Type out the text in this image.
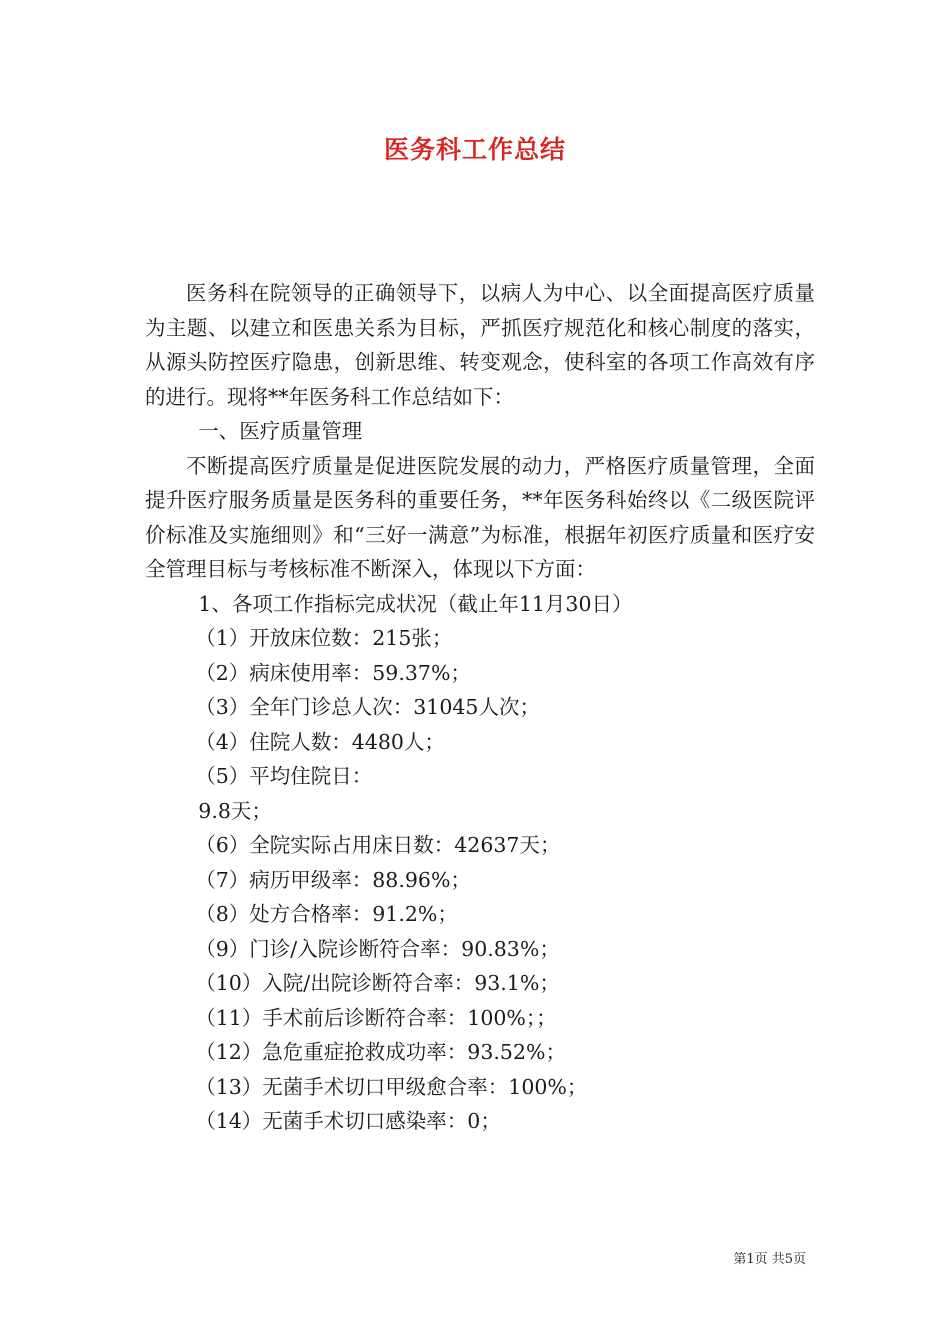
医务科工作总结

医务科在院领导的正确领导下，以病人为中心、以全面提高医疗质量为主题、以建立和医患关系为目标，严抓医疗规范化和核心制度的落实，从源头防控医疗隐患，创新思维、转变观念，使科室的各项工作高效有序的进行。现将**年医务科工作总结如下：

一、医疗质量管理

不断提高医疗质量是促进医院发展的动力，严格医疗质量管理，全面提升医疗服务质量是医务科的重要任务，**年医务科始终以《二级医院评价标准及实施细则》和“三好一满意”为标准，根据年初医疗质量和医疗安全管理目标与考核标准不断深入，体现以下方面：

1、各项工作指标完成状况（截止年11月30日）

（1）开放床位数：215张；

（2）病床使用率：59.37%；

（3）全年门诊总人次：31045人次；

（4）住院人数：4480人；

（5）平均住院日：

9.8天；

（6）全院实际占用床日数：42637天；

（7）病历甲级率：88.96%；

（8）处方合格率：91.2%；

（9）门诊/入院诊断符合率：90.83%；

（10）入院/出院诊断符合率：93.1%；

（11）手术前后诊断符合率：100%；；

（12）急危重症抢救成功率：93.52%；

（13）无菌手术切口甲级愈合率：100%；

（14）无菌手术切口感染率：0；

第1页 共5页
